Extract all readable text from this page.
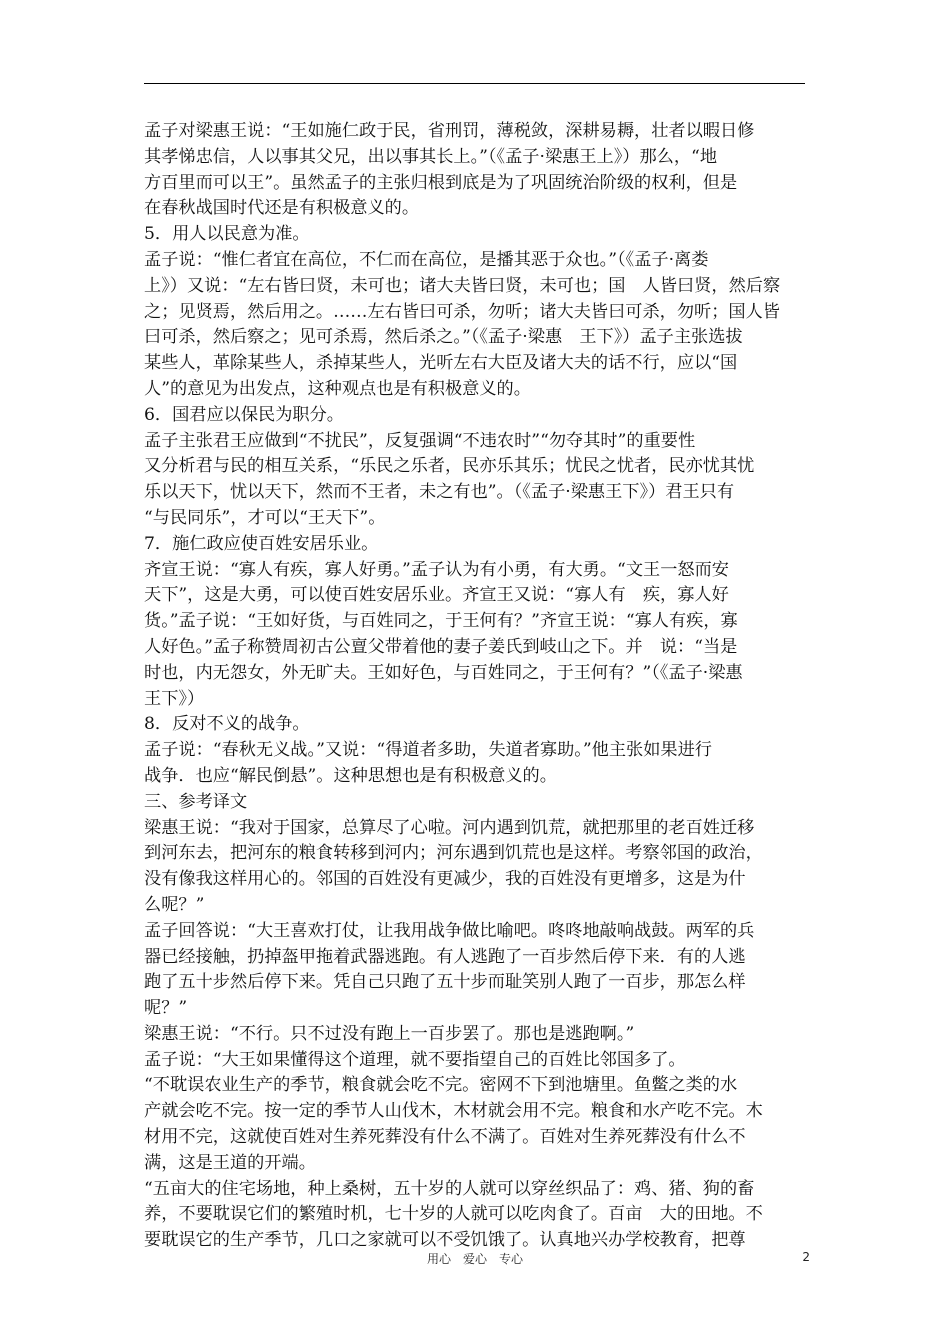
孟子对梁惠王说：“王如施仁政于民，省刑罚，薄税敛，深耕易耨，壮者以暇日修
其孝悌忠信，人以事其父兄，出以事其长上。”（《孟子·梁惠王上》）那么，“地
方百里而可以王”。虽然孟子的主张归根到底是为了巩固统治阶级的权利，但是
在春秋战国时代还是有积极意义的。
5．用人以民意为准。
孟子说：“惟仁者宜在高位，不仁而在高位，是播其恶于众也。”（《孟子·离娄
上》）又说：“左右皆曰贤，未可也；诸大夫皆曰贤，未可也；国　人皆曰贤，然后察
之；见贤焉，然后用之。……左右皆曰可杀，勿听；诸大夫皆曰可杀，勿听；国人皆
曰可杀，然后察之；见可杀焉，然后杀之。”（《孟子·梁惠　王下》）孟子主张选拔
某些人，革除某些人，杀掉某些人，光听左右大臣及诸大夫的话不行，应以“国
人”的意见为出发点，这种观点也是有积极意义的。
6．国君应以保民为职分。
孟子主张君王应做到“不扰民”，反复强调“不违农时”“勿夺其时”的重要性
又分析君与民的相互关系，“乐民之乐者，民亦乐其乐；忧民之忧者，民亦忧其忧
乐以天下，忧以天下，然而不王者，未之有也”。（《孟子·梁惠王下》）君王只有
“与民同乐”，才可以“王天下”。
7．施仁政应使百姓安居乐业。
齐宣王说：“寡人有疾，寡人好勇。”孟子认为有小勇，有大勇。“文王一怒而安
天下”，这是大勇，可以使百姓安居乐业。齐宣王又说：“寡人有　疾，寡人好
货。”孟子说：“王如好货，与百姓同之，于王何有？”齐宣王说：“寡人有疾，寡
人好色。”孟子称赞周初古公亶父带着他的妻子姜氏到岐山之下。并　说：“当是
时也，内无怨女，外无旷夫。王如好色，与百姓同之，于王何有？”（《孟子·梁惠
王下》）
8．反对不义的战争。
孟子说：“春秋无义战。”又说：“得道者多助，失道者寡助。”他主张如果进行
战争．也应“解民倒悬”。这种思想也是有积极意义的。
三、参考译文
梁惠王说：“我对于国家，总算尽了心啦。河内遇到饥荒，就把那里的老百姓迁移
到河东去，把河东的粮食转移到河内；河东遇到饥荒也是这样。考察邻国的政治，
没有像我这样用心的。邻国的百姓没有更减少，我的百姓没有更增多，这是为什
么呢？”
孟子回答说：“大王喜欢打仗，让我用战争做比喻吧。咚咚地敲响战鼓。两军的兵
器已经接触，扔掉盔甲拖着武器逃跑。有人逃跑了一百步然后停下来．有的人逃
跑了五十步然后停下来。凭自己只跑了五十步而耻笑别人跑了一百步，那怎么样
呢？”
梁惠王说：“不行。只不过没有跑上一百步罢了。那也是逃跑啊。”
孟子说：“大王如果懂得这个道理，就不要指望自己的百姓比邻国多了。
“不耽误农业生产的季节，粮食就会吃不完。密网不下到池塘里。鱼鳖之类的水
产就会吃不完。按一定的季节人山伐木，木材就会用不完。粮食和水产吃不完。木
材用不完，这就使百姓对生养死葬没有什么不满了。百姓对生养死葬没有什么不
满，这是王道的开端。
“五亩大的住宅场地，种上桑树，五十岁的人就可以穿丝织品了：鸡、猪、狗的畜
养，不要耽误它们的繁殖时机，七十岁的人就可以吃肉食了。百亩　大的田地。不
要耽误它的生产季节，几口之家就可以不受饥饿了。认真地兴办学校教育，把尊
用心　爱心　专心	2
